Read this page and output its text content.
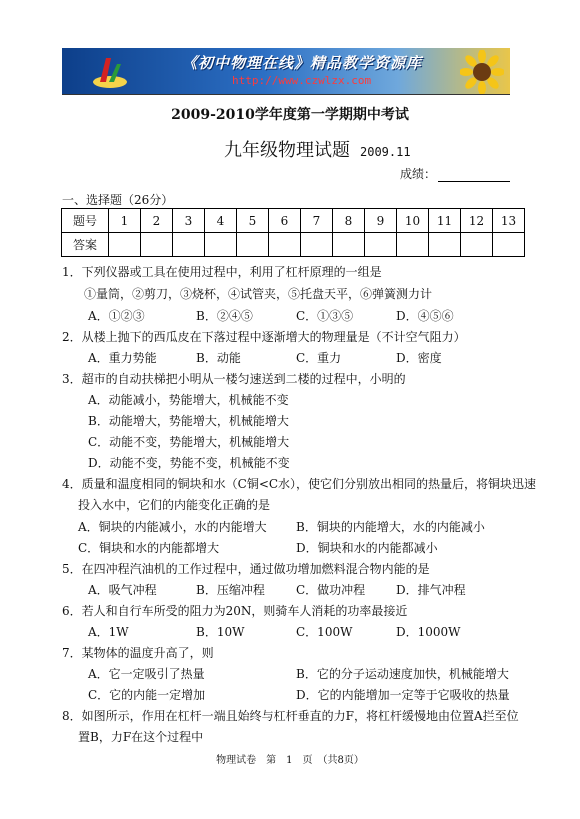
《初中物理在线》精品教学资源库
http://www.czwlzx.com
2009-2010学年度第一学期期中考试
九年级物理试题 2009.11
成绩：
一、选择题（26分）
题号	1	2	3	4	5	6	7	8	9	10	11	12	13
答案													
1．下列仪器或工具在使用过程中，利用了杠杆原理的一组是
①量筒，②剪刀，③烧杯，④试管夹，⑤托盘天平，⑥弹簧测力计
A．①②③	B．②④⑤	C．①③⑤	D．④⑤⑥
2．从楼上抛下的西瓜皮在下落过程中逐渐增大的物理量是（不计空气阻力）
A．重力势能	B．动能	C．重力	D．密度
3．超市的自动扶梯把小明从一楼匀速送到二楼的过程中，小明的
A．动能减小，势能增大，机械能不变
B．动能增大，势能增大，机械能增大
C．动能不变，势能增大，机械能增大
D．动能不变，势能不变，机械能不变
4．质量和温度相同的铜块和水（C铜<C水），使它们分别放出相同的热量后，将铜块迅速
投入水中，它们的内能变化正确的是
A．铜块的内能减小，水的内能增大 B．铜块的内能增大，水的内能减小
C．铜块和水的内能都增大	D．铜块和水的内能都减小
5．在四冲程汽油机的工作过程中，通过做功增加燃料混合物内能的是
A．吸气冲程	B．压缩冲程	C．做功冲程	D．排气冲程
6．若人和自行车所受的阻力为20N，则骑车人消耗的功率最接近
A．1W	B．10W	C．100W	D．1000W
7．某物体的温度升高了，则
A．它一定吸引了热量	B．它的分子运动速度加快，机械能增大
C．它的内能一定增加	D．它的内能增加一定等于它吸收的热量
8．如图所示，作用在杠杆一端且始终与杠杆垂直的力F，将杠杆缓慢地由位置A拦至位
置B，力F在这个过程中
物理试卷　第　1　页　（共8页）
